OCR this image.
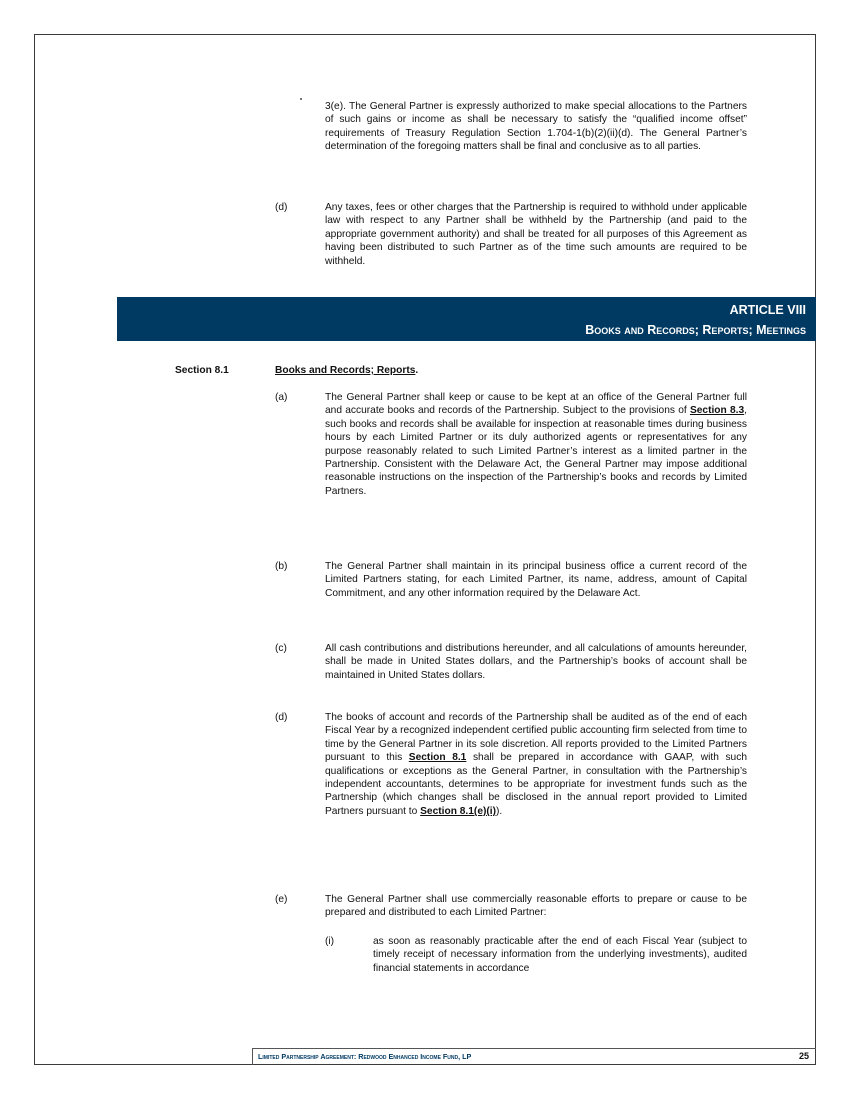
3(e). The General Partner is expressly authorized to make special allocations to the Partners of such gains or income as shall be necessary to satisfy the “qualified income offset” requirements of Treasury Regulation Section 1.704-1(b)(2)(ii)(d). The General Partner’s determination of the foregoing matters shall be final and conclusive as to all parties.

(d)	Any taxes, fees or other charges that the Partnership is required to withhold under applicable law with respect to any Partner shall be withheld by the Partnership (and paid to the appropriate government authority) and shall be treated for all purposes of this Agreement as having been distributed to such Partner as of the time such amounts are required to be withheld.

ARTICLE VIII
Books and Records; Reports; Meetings
Section 8.1	Books and Records; Reports.
(a)	The General Partner shall keep or cause to be kept at an office of the General Partner full and accurate books and records of the Partnership. Subject to the provisions of Section 8.3, such books and records shall be available for inspection at reasonable times during business hours by each Limited Partner or its duly authorized agents or representatives for any purpose reasonably related to such Limited Partner’s interest as a limited partner in the Partnership. Consistent with the Delaware Act, the General Partner may impose additional reasonable instructions on the inspection of the Partnership’s books and records by Limited Partners.

(b)	The General Partner shall maintain in its principal business office a current record of the Limited Partners stating, for each Limited Partner, its name, address, amount of Capital Commitment, and any other information required by the Delaware Act.

(c)	All cash contributions and distributions hereunder, and all calculations of amounts hereunder, shall be made in United States dollars, and the Partnership’s books of account shall be maintained in United States dollars.

(d)	The books of account and records of the Partnership shall be audited as of the end of each Fiscal Year by a recognized independent certified public accounting firm selected from time to time by the General Partner in its sole discretion. All reports provided to the Limited Partners pursuant to this Section 8.1 shall be prepared in accordance with GAAP, with such qualifications or exceptions as the General Partner, in consultation with the Partnership’s independent accountants, determines to be appropriate for investment funds such as the Partnership (which changes shall be disclosed in the annual report provided to Limited Partners pursuant to Section 8.1(e)(i)).

(e)	The General Partner shall use commercially reasonable efforts to prepare or cause to be prepared and distributed to each Limited Partner:

(i)	as soon as reasonably practicable after the end of each Fiscal Year (subject to timely receipt of necessary information from the underlying investments), audited financial statements in accordance

Limited Partnership Agreement: Redwood Enhanced Income Fund, LP	25
